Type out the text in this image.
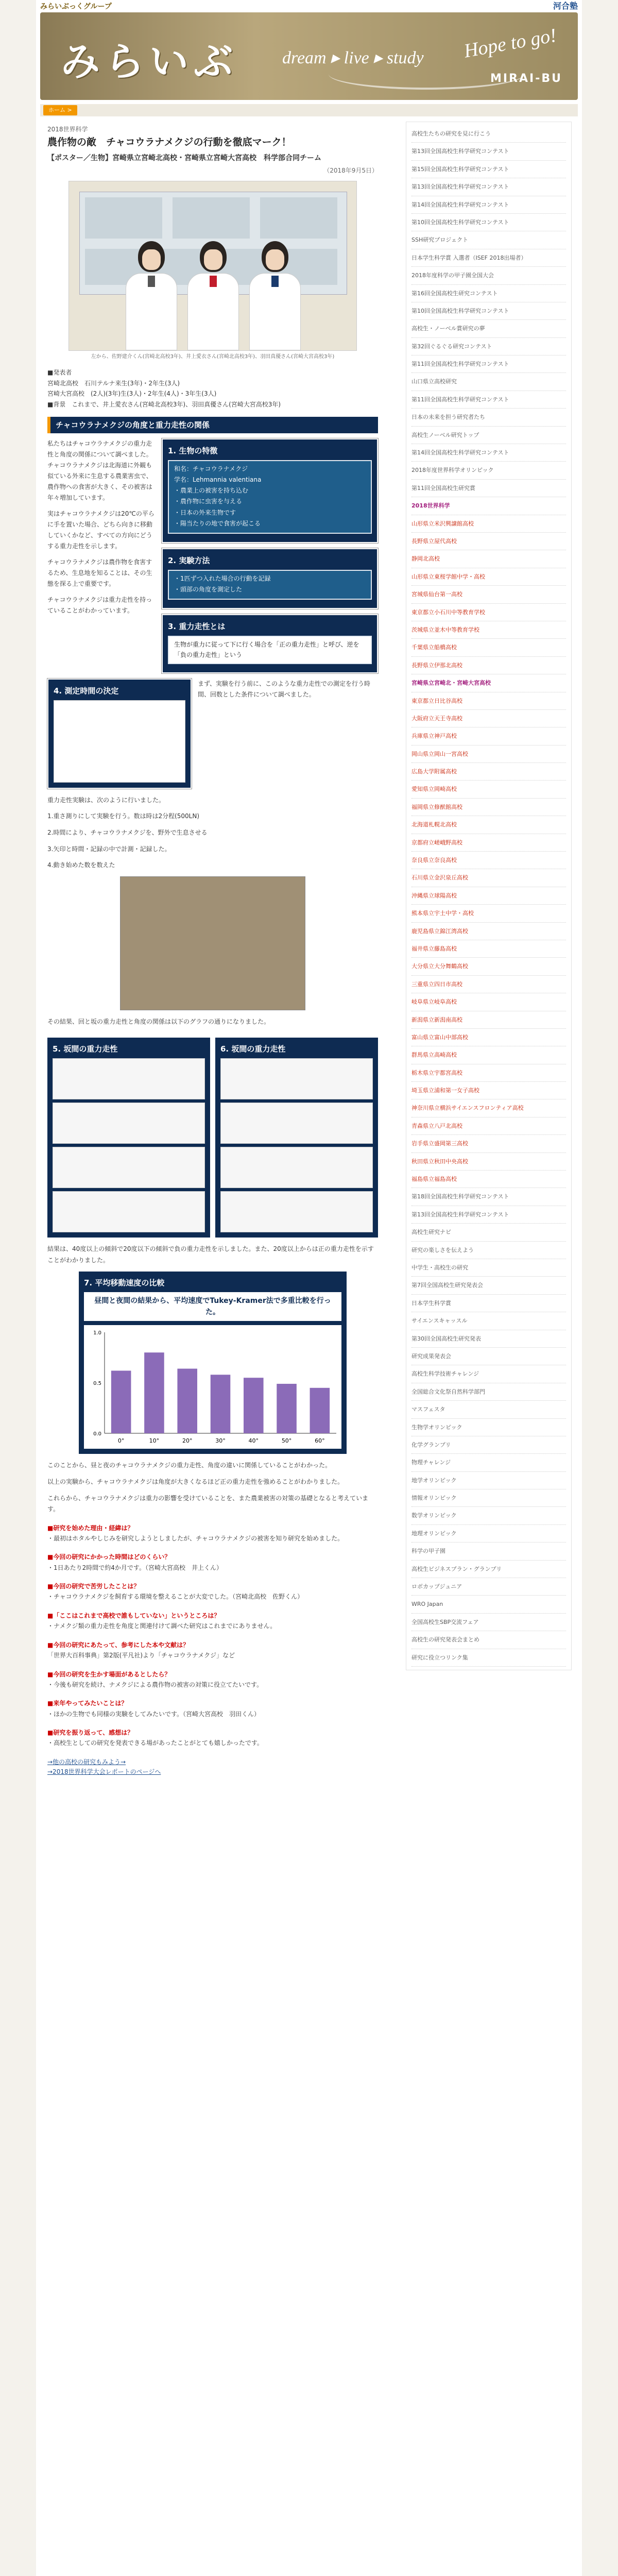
みらいぶっくグループ	河合塾
みらいぶ	dream ▸ live ▸ study Hope to go!
MIRAI-BU
ホーム >
2018世界科学
農作物の敵　チャコウラナメクジの行動を徹底マーク！
【ポスター／生物】宮崎県立宮崎北高校・宮崎県立宮崎大宮高校　科学部合同チーム
（2018年9月5日）
左から、佐野建介くん(宮崎北高校3年)、井上愛衣さん(宮崎北高校3年)、羽田真優さん(宮崎大宮高校3年)

■発表者

宮崎北高校　石川テルナ来生(3年)・2年生(3人)

宮崎大宮高校　(2人)(3年)生(3人)・2年生(4人)・3年生(3人)

■背景　これまで、井上愛衣さん(宮崎北高校3年)、羽田真優さん(宮崎大宮高校3年)

チャコウラナメクジの角度と重力走性の関係

私たちはチャコウラナメクジの重力走性と角度の関係について調べました。チャコウラナメクジは北海道に外観も似ている外来に生息する農業害虫で、農作物への食害が大きく、その被害は年々増加しています。

実はチャコウラナメクジは20℃の平らに手を置いた場合、どちら向きに移動していくかなど、すべての方向にどうする重力走性を示します。

チャコウラナメクジは農作物を食害するため、生息地を知ることは、その生態を探る上で重要です。

チャコウラナメクジは重力走性を持っていることがわかっています。

1. 生物の特徴

和名：チャコウラナメクジ

学名：Lehmannia valentiana

・農業上の被害を持ち込む

・農作物に虫害を与える

・日本の外来生物です

・陽当たりの地で食害が起こる

2. 実験方法

・1匹ずつ入れた場合の行動を記録

・頭部の角度を測定した

3. 重力走性とは
生物が重力に従って下に行く場合を「正の重力走性」と呼び、逆を「負の重力走性」という
4. 測定時間の決定

まず、実験を行う前に、このような重力走性での測定を行う時間、回数とした条件について調べました。

重力走性実験は、次のように行いました。

1.重さ測りにして実験を行う。数は時は2分程(500LN)

2.時間により、チャコウラナメクジを、野外で生息させる

3.矢印と時間・記録の中で計測・記録した。

4.動き始めた数を数えた

その結果、回と坂の重力走性と角度の関係は以下のグラフの通りになりました。

5. 坂間の重力走性	6. 坂間の重力走性

結果は、40度以上の傾斜で20度以下の傾斜で負の重力走性を示しました。また、20度以上からは正の重力走性を示すことがわかりました。

7. 平均移動速度の比較
昼間と夜間の結果から、平均速度でTukey-Kramer法で多重比較を行った。
0°	10°	20°	30°	40°	50°	60°
0.0
0.5
1.0

このことから、昼と夜のチャコウラナメクジの重力走性、角度の違いに関係していることがわかった。

以上の実験から、チャコウラナメクジは角度が大きくなるほど正の重力走性を強めることがわかりました。

これらから、チャコウラナメクジは重力の影響を受けていることを、また農業被害の対策の基礎となると考えています。

■研究を始めた理由・経緯は？
・最初はホタルやしじみを研究しようとしましたが、チャコウラナメクジの被害を知り研究を始めました。
■今回の研究にかかった時間はどのくらい？
・1日あたり2時間で約4か月です。（宮崎大宮高校　井上くん）
■今回の研究で苦労したことは？
・チャコウラナメクジを飼育する環境を整えることが大変でした。（宮崎北高校　佐野くん）
■「ここはこれまで高校で誰もしていない」というところは？
・ナメクジ類の重力走性を角度と関連付けて調べた研究はこれまでにありません。
■今回の研究にあたって、参考にした本や文献は？
「世界大百科事典」第2版(平凡社)より「チャコウラナメクジ」など
■今回の研究を生かす場面があるとしたら？
・今後も研究を続け、ナメクジによる農作物の被害の対策に役立てたいです。
■来年やってみたいことは？
・ほかの生物でも同様の実験をしてみたいです。（宮崎大宮高校　羽田くん）
■研究を振り返って、感想は？
・高校生としての研究を発表できる場があったことがとても嬉しかったです。
→他の高校の研究もみよう→
→2018世界科学大会レポートのページへ
高校生たちの研究を見に行こう
第13回全国高校生科学研究コンテスト
第15回全国高校生科学研究コンテスト
第13回全国高校生科学研究コンテスト
第14回全国高校生科学研究コンテスト
第10回全国高校生科学研究コンテスト
SSH研究プロジェクト
日本学生科学賞 入選者（ISEF 2018出場者）
2018年度科学の甲子園全国大会
第16回全国高校生研究コンテスト
第10回全国高校生科学研究コンテスト
高校生・ノーベル賞研究の夢
第32回ぐるぐる研究コンテスト
第11回全国高校生科学研究コンテスト
山口県立高校研究
第11回全国高校生科学研究コンテスト
日本の未来を担う研究者たち
高校生ノーベル研究トップ
第14回全国高校生科学研究コンテスト
2018年度世界科学オリンピック
第11回全国高校生研究賞
2018世界科学
山形県立米沢興譲館高校
長野県立屋代高校
静岡北高校
山形県立東桜学館中学・高校
宮城県仙台第一高校
東京都立小石川中等教育学校
茨城県立並木中等教育学校
千葉県立船橋高校
長野県立伊那北高校
宮崎県立宮崎北・宮崎大宮高校
東京都立日比谷高校
大阪府立天王寺高校
兵庫県立神戸高校
岡山県立岡山一宮高校
広島大学附属高校
愛知県立岡崎高校
福岡県立修猷館高校
北海道札幌北高校
京都府立嵯峨野高校
奈良県立奈良高校
石川県立金沢泉丘高校
沖縄県立球陽高校
熊本県立宇土中学・高校
鹿児島県立錦江湾高校
福井県立藤島高校
大分県立大分舞鶴高校
三重県立四日市高校
岐阜県立岐阜高校
新潟県立新潟南高校
富山県立富山中部高校
群馬県立高崎高校
栃木県立宇都宮高校
埼玉県立浦和第一女子高校
神奈川県立横浜サイエンスフロンティア高校
青森県立八戸北高校
岩手県立盛岡第三高校
秋田県立秋田中央高校
福島県立福島高校
第18回全国高校生科学研究コンテスト
第13回全国高校生科学研究コンテスト
高校生研究ナビ
研究の楽しさを伝えよう
中学生・高校生の研究
第7回全国高校生研究発表会
日本学生科学賞
サイエンスキャッスル
第30回全国高校生研究発表
研究成果発表会
高校生科学技術チャレンジ
全国総合文化祭自然科学部門
マスフェスタ
生物学オリンピック
化学グランプリ
物理チャレンジ
地学オリンピック
情報オリンピック
数学オリンピック
地理オリンピック
科学の甲子園
高校生ビジネスプラン・グランプリ
ロボカップジュニア
WRO Japan
全国高校生SBP交流フェア
高校生の研究発表会まとめ
研究に役立つリンク集
